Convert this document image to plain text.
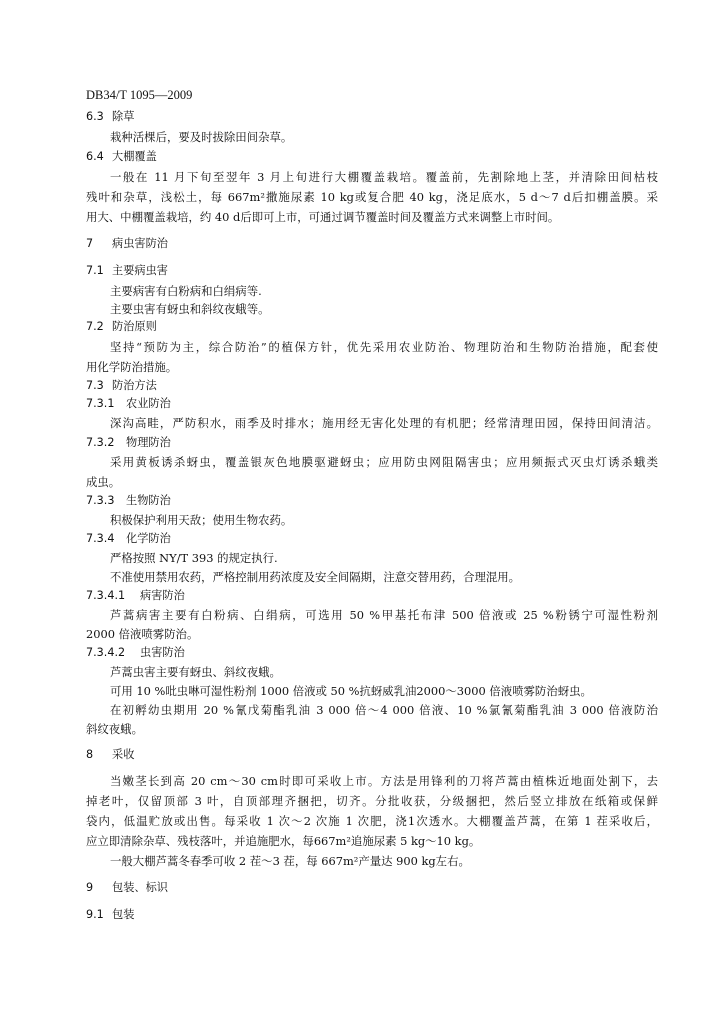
DB34/T 1095—2009
6.3 除草
栽种活棵后，要及时拔除田间杂草。
6.4 大棚覆盖
一般在 11 月下旬至翌年 3 月上旬进行大棚覆盖栽培。覆盖前，先割除地上茎，并清除田间枯枝
残叶和杂草，浅松土，每 667m²撒施尿素 10 kg或复合肥 40 kg，浇足底水，5 d～7 d后扣棚盖膜。采
用大、中棚覆盖栽培，约 40 d后即可上市，可通过调节覆盖时间及覆盖方式来调整上市时间。
7 病虫害防治
7.1 主要病虫害
主要病害有白粉病和白绢病等.
主要虫害有蚜虫和斜纹夜蛾等。
7.2 防治原则
坚持“预防为主，综合防治”的植保方针，优先采用农业防治、物理防治和生物防治措施，配套使
用化学防治措施。
7.3 防治方法
7.3.1 农业防治
深沟高畦，严防积水，雨季及时排水；施用经无害化处理的有机肥；经常清理田园，保持田间清洁。
7.3.2 物理防治
采用黄板诱杀蚜虫，覆盖银灰色地膜驱避蚜虫；应用防虫网阻隔害虫；应用频振式灭虫灯诱杀蛾类
成虫。
7.3.3 生物防治
积极保护利用天敌；使用生物农药。
7.3.4 化学防治
严格按照 NY/T 393 的规定执行.
不准使用禁用农药，严格控制用药浓度及安全间隔期，注意交替用药，合理混用。
7.3.4.1 病害防治
芦蒿病害主要有白粉病、白绢病，可选用 50 %甲基托布津 500 倍液或 25 %粉锈宁可湿性粉剂
2000 倍液喷雾防治。
7.3.4.2 虫害防治
芦蒿虫害主要有蚜虫、斜纹夜蛾。
可用 10 %吡虫啉可湿性粉剂 1000 倍液或 50 %抗蚜威乳油2000～3000 倍液喷雾防治蚜虫。
在初孵幼虫期用 20 %氰戊菊酯乳油 3 000 倍～4 000 倍液、10 %氯氰菊酯乳油 3 000 倍液防治
斜纹夜蛾。
8 采收
当嫩茎长到高 20 cm～30 cm时即可采收上市。方法是用锋利的刀将芦蒿由植株近地面处割下，去
掉老叶，仅留顶部 3 叶，自顶部理齐捆把，切齐。分批收获，分级捆把，然后竖立排放在纸箱或保鲜
袋内，低温贮放或出售。每采收 1 次～2 次施 1 次肥，浇1次透水。大棚覆盖芦蒿，在第 1 茬采收后，
应立即清除杂草、残枝落叶，并追施肥水，每667m²追施尿素 5 kg～10 kg。
一般大棚芦蒿冬春季可收 2 茬～3 茬，每 667m²产量达 900 kg左右。
9 包装、标识
9.1 包装
